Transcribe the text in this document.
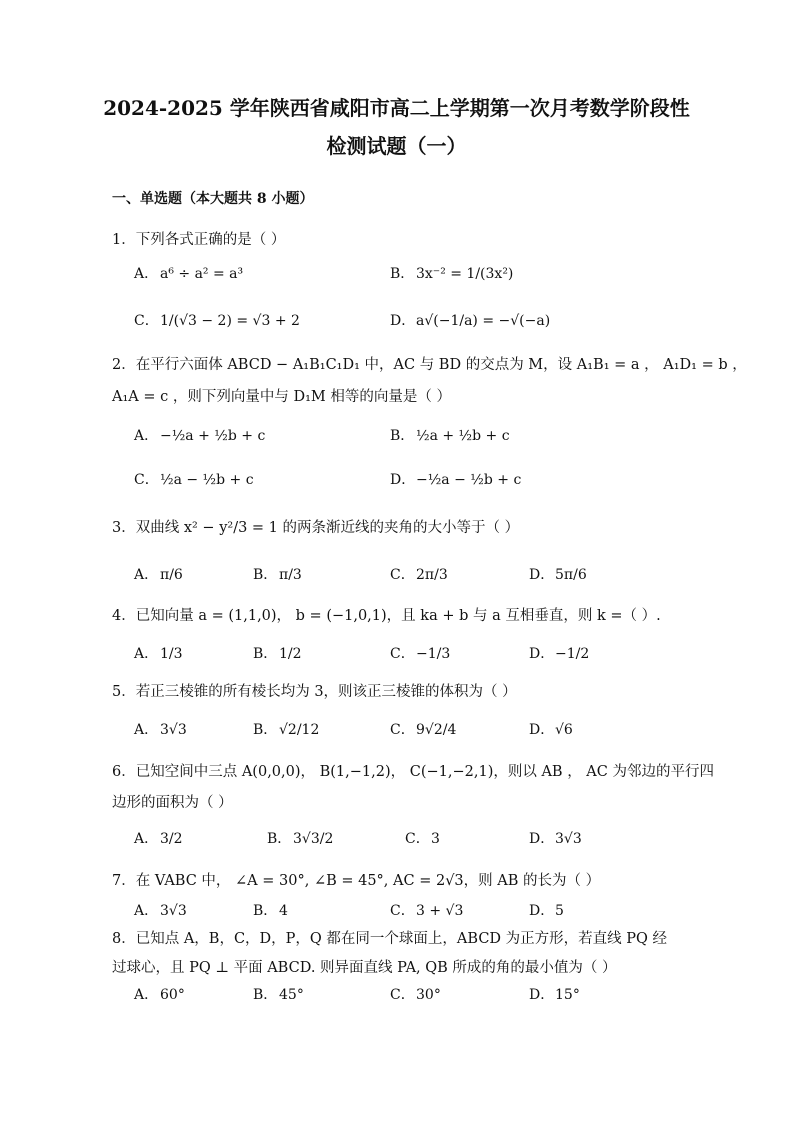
2024-2025 学年陕西省咸阳市高二上学期第一次月考数学阶段性
检测试题（一）
一、单选题（本大题共 8 小题）
1．下列各式正确的是（ ）
A． a⁶ ÷ a² = a³	B． 3x⁻² = 1/(3x²)
C．1/(√3 − 2) = √3 + 2	D．a√(−1/a) = −√(−a)
2．在平行六面体 ABCD − A₁B₁C₁D₁ 中，AC 与 BD 的交点为 M，设 A₁B₁ = a ， A₁D₁ = b ，
A₁A = c ，则下列向量中与 D₁M 相等的向量是（ ）
A． −½a + ½b + c	B． ½a + ½b + c
C．½a − ½b + c	D．−½a − ½b + c
3．双曲线 x² − y²/3 = 1 的两条渐近线的夹角的大小等于（ ）
A． π/6	B． π/3	C．2π/3	D．5π/6
4．已知向量 a = (1,1,0)， b = (−1,0,1)，且 ka + b 与 a 互相垂直，则 k =（ ）.
A． 1/3	B． 1/2	C．−1/3	D．−1/2
5．若正三棱锥的所有棱长均为 3，则该正三棱锥的体积为（ ）
A． 3√3	B． √2/12	C．9√2/4	D．√6
6．已知空间中三点 A(0,0,0)， B(1,−1,2)， C(−1,−2,1)，则以 AB ， AC 为邻边的平行四
边形的面积为（ ）
A． 3/2	B． 3√3/2	C．3	D．3√3
7．在 VABC 中， ∠A = 30°, ∠B = 45°, AC = 2√3，则 AB 的长为（ ）
A． 3√3	B． 4	C．3 + √3	D．5
8．已知点 A，B，C，D，P，Q 都在同一个球面上，ABCD 为正方形，若直线 PQ 经
过球心，且 PQ ⊥ 平面 ABCD. 则异面直线 PA, QB 所成的角的最小值为（ ）
A． 60°	B． 45°	C．30°	D．15°
